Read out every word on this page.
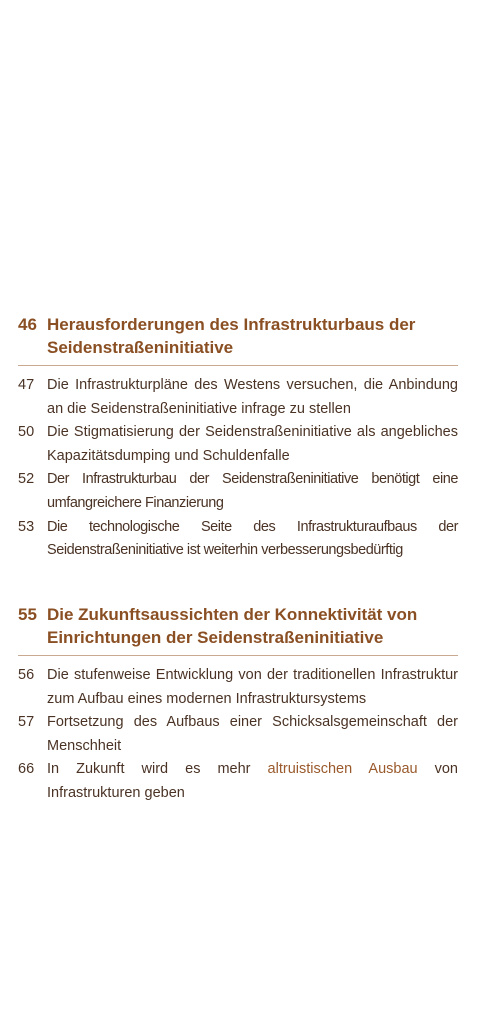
46 Herausforderungen des Infrastrukturbaus der Seidenstraßeninitiative
47 Die Infrastrukturpläne des Westens versuchen, die Anbindung an die Seidenstraßeninitiative infrage zu stellen
50 Die Stigmatisierung der Seidenstraßeninitiative als angebliches Kapazitätsdumping und Schuldenfalle
52 Der Infrastrukturbau der Seidenstraßeninitiative benötigt eine umfangreichere Finanzierung
53 Die technologische Seite des Infrastrukturaufbaus der Seidenstraßeninitiative ist weiterhin verbesserungsbedürftig
55 Die Zukunftsaussichten der Konnektivität von Einrichtungen der Seidenstraßeninitiative
56 Die stufenweise Entwicklung von der traditionellen Infrastruktur zum Aufbau eines modernen Infrastruktursystems
57 Fortsetzung des Aufbaus einer Schicksalsgemeinschaft der Menschheit
66 In Zukunft wird es mehr altruistischen Ausbau von Infrastrukturen geben
